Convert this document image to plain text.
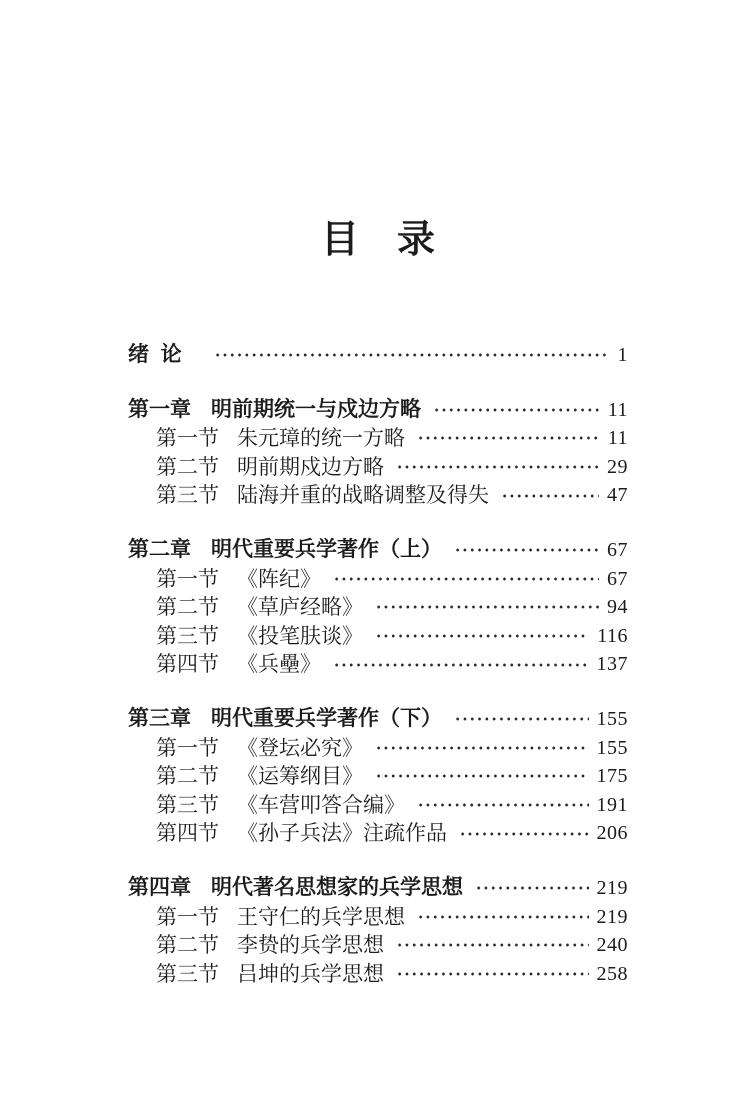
目　录
绪  论	1
第一章 明前期统一与戍边方略	11
第一节 朱元璋的统一方略	11
第二节 明前期戍边方略	29
第三节 陆海并重的战略调整及得失	47
第二章 明代重要兵学著作（上）	67
第一节 《阵纪》	67
第二节 《草庐经略》	94
第三节 《投笔肤谈》	116
第四节 《兵壘》	137
第三章 明代重要兵学著作（下）	155
第一节 《登坛必究》	155
第二节 《运筹纲目》	175
第三节 《车营叩答合编》	191
第四节 《孙子兵法》注疏作品	206
第四章 明代著名思想家的兵学思想	219
第一节 王守仁的兵学思想	219
第二节 李贽的兵学思想	240
第三节 吕坤的兵学思想	258
